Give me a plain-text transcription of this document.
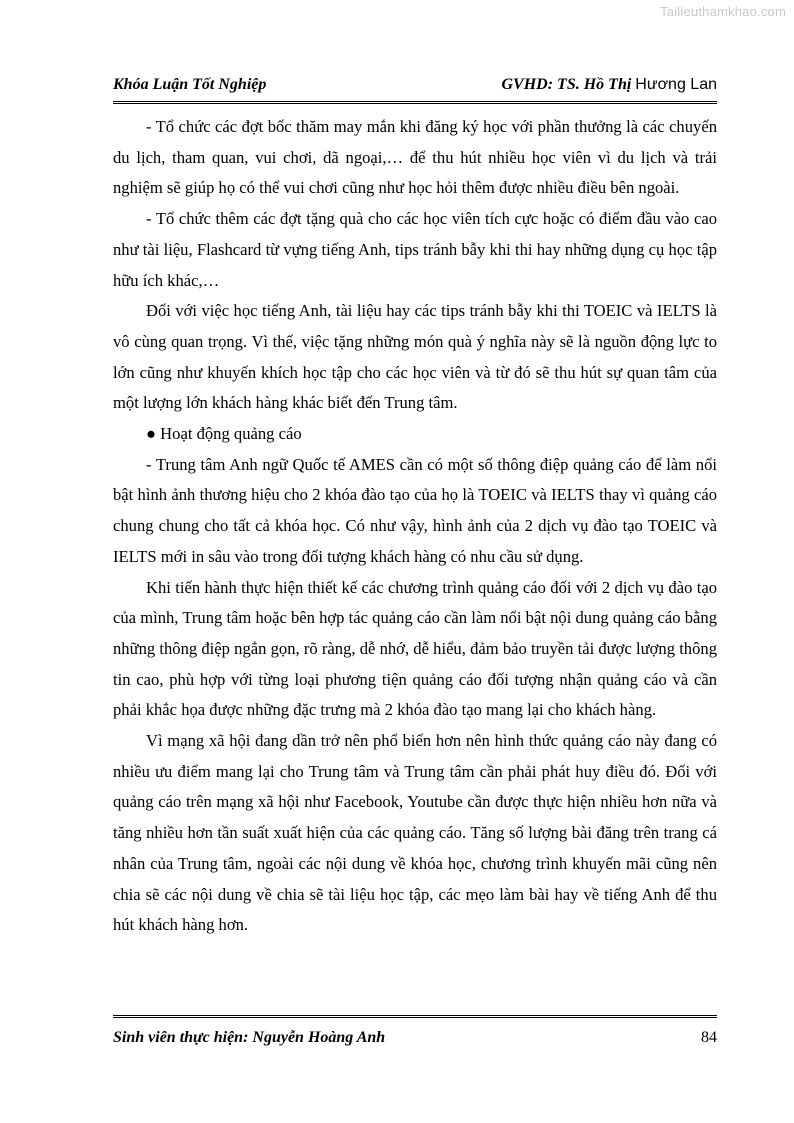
Tailieuthamkhao.com
Khóa Luận Tốt Nghiệp	GVHD: TS. Hồ Thị Hương Lan

- Tổ chức các đợt bốc thăm may mắn khi đăng ký học với phần thưởng là các chuyến du lịch, tham quan, vui chơi, dã ngoại,… để thu hút nhiều học viên vì du lịch và trải nghiệm sẽ giúp họ có thể vui chơi cũng như học hỏi thêm được nhiều điều bên ngoài.

- Tổ chức thêm các đợt tặng quà cho các học viên tích cực hoặc có điểm đầu vào cao như tài liệu, Flashcard từ vựng tiếng Anh, tips tránh bẫy khi thi hay những dụng cụ học tập hữu ích khác,…

Đối với việc học tiếng Anh, tài liệu hay các tips tránh bẫy khi thi TOEIC và IELTS là vô cùng quan trọng. Vì thế, việc tặng những món quà ý nghĩa này sẽ là nguồn động lực to lớn cũng như khuyến khích học tập cho các học viên và từ đó sẽ thu hút sự quan tâm của một lượng lớn khách hàng khác biết đến Trung tâm.

● Hoạt động quảng cáo

- Trung tâm Anh ngữ Quốc tế AMES cần có một số thông điệp quảng cáo để làm nổi bật hình ảnh thương hiệu cho 2 khóa đào tạo của họ là TOEIC và IELTS thay vì quảng cáo chung chung cho tất cả khóa học. Có như vậy, hình ảnh của 2 dịch vụ đào tạo TOEIC và IELTS mới in sâu vào trong đối tượng khách hàng có nhu cầu sử dụng.

Khi tiến hành thực hiện thiết kế các chương trình quảng cáo đối với 2 dịch vụ đào tạo của mình, Trung tâm hoặc bên hợp tác quảng cáo cần làm nổi bật nội dung quảng cáo bằng những thông điệp ngắn gọn, rõ ràng, dễ nhớ, dễ hiểu, đảm bảo truyền tải được lượng thông tin cao, phù hợp với từng loại phương tiện quảng cáo đối tượng nhận quảng cáo và cần phải khắc họa được những đặc trưng mà 2 khóa đào tạo mang lại cho khách hàng.

Vì mạng xã hội đang dần trở nên phổ biến hơn nên hình thức quảng cáo này đang có nhiều ưu điểm mang lại cho Trung tâm và Trung tâm cần phải phát huy điều đó. Đối với quảng cáo trên mạng xã hội như Facebook, Youtube cần được thực hiện nhiều hơn nữa và tăng nhiều hơn tần suất xuất hiện của các quảng cáo. Tăng số lượng bài đăng trên trang cá nhân của Trung tâm, ngoài các nội dung về khóa học, chương trình khuyến mãi cũng nên chia sẽ các nội dung về chia sẽ tài liệu học tập, các mẹo làm bài hay về tiếng Anh để thu hút khách hàng hơn.

Sinh viên thực hiện: Nguyễn Hoàng Anh	84
